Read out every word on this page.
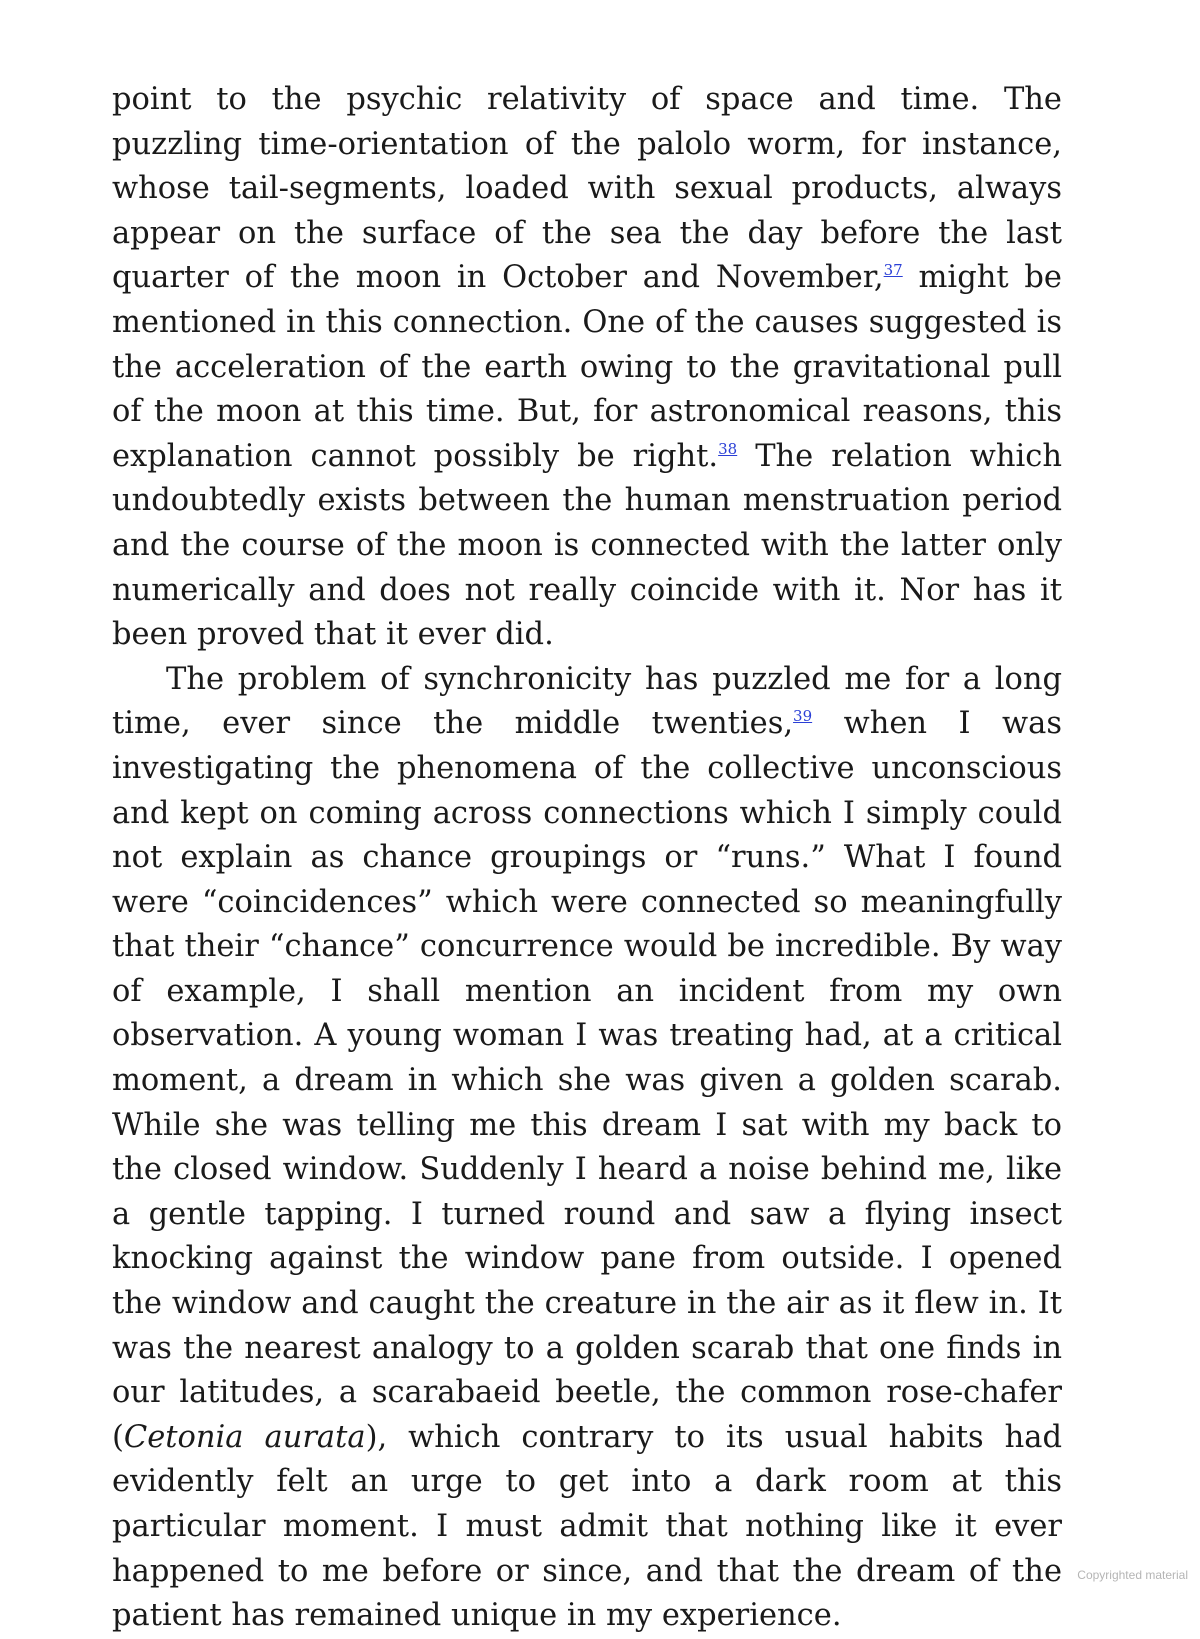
point to the psychic relativity of space and time. The puzzling time-orientation of the palolo worm, for instance, whose tail-segments, loaded with sexual products, always appear on the surface of the sea the day before the last quarter of the moon in October and November,$^{37}$ might be mentioned in this connection. One of the causes suggested is the acceleration of the earth owing to the gravitational pull of the moon at this time. But, for astronomical reasons, this explanation cannot possibly be right.$^{38}$ The relation which undoubtedly exists between the human menstruation period and the course of the moon is connected with the latter only numerically and does not really coincide with it. Nor has it been proved that it ever did.

The problem of synchronicity has puzzled me for a long time, ever since the middle twenties,$^{39}$ when I was investigating the phenomena of the collective unconscious and kept on coming across connections which I simply could not explain as chance groupings or “runs.” What I found were “coincidences” which were connected so meaningfully that their “chance” concurrence would be incredible. By way of example, I shall mention an incident from my own observation. A young woman I was treating had, at a critical moment, a dream in which she was given a golden scarab. While she was telling me this dream I sat with my back to the closed window. Suddenly I heard a noise behind me, like a gentle tapping. I turned round and saw a flying insect knocking against the window pane from outside. I opened the window and caught the creature in the air as it flew in. It was the nearest analogy to a golden scarab that one finds in our latitudes, a scarabaeid beetle, the common rose-chafer (Cetonia aurata), which contrary to its usual habits had evidently felt an urge to get into a dark room at this particular moment. I must admit that nothing like it ever happened to me before or since, and that the dream of the patient has remained unique in my experience.

Copyrighted material
